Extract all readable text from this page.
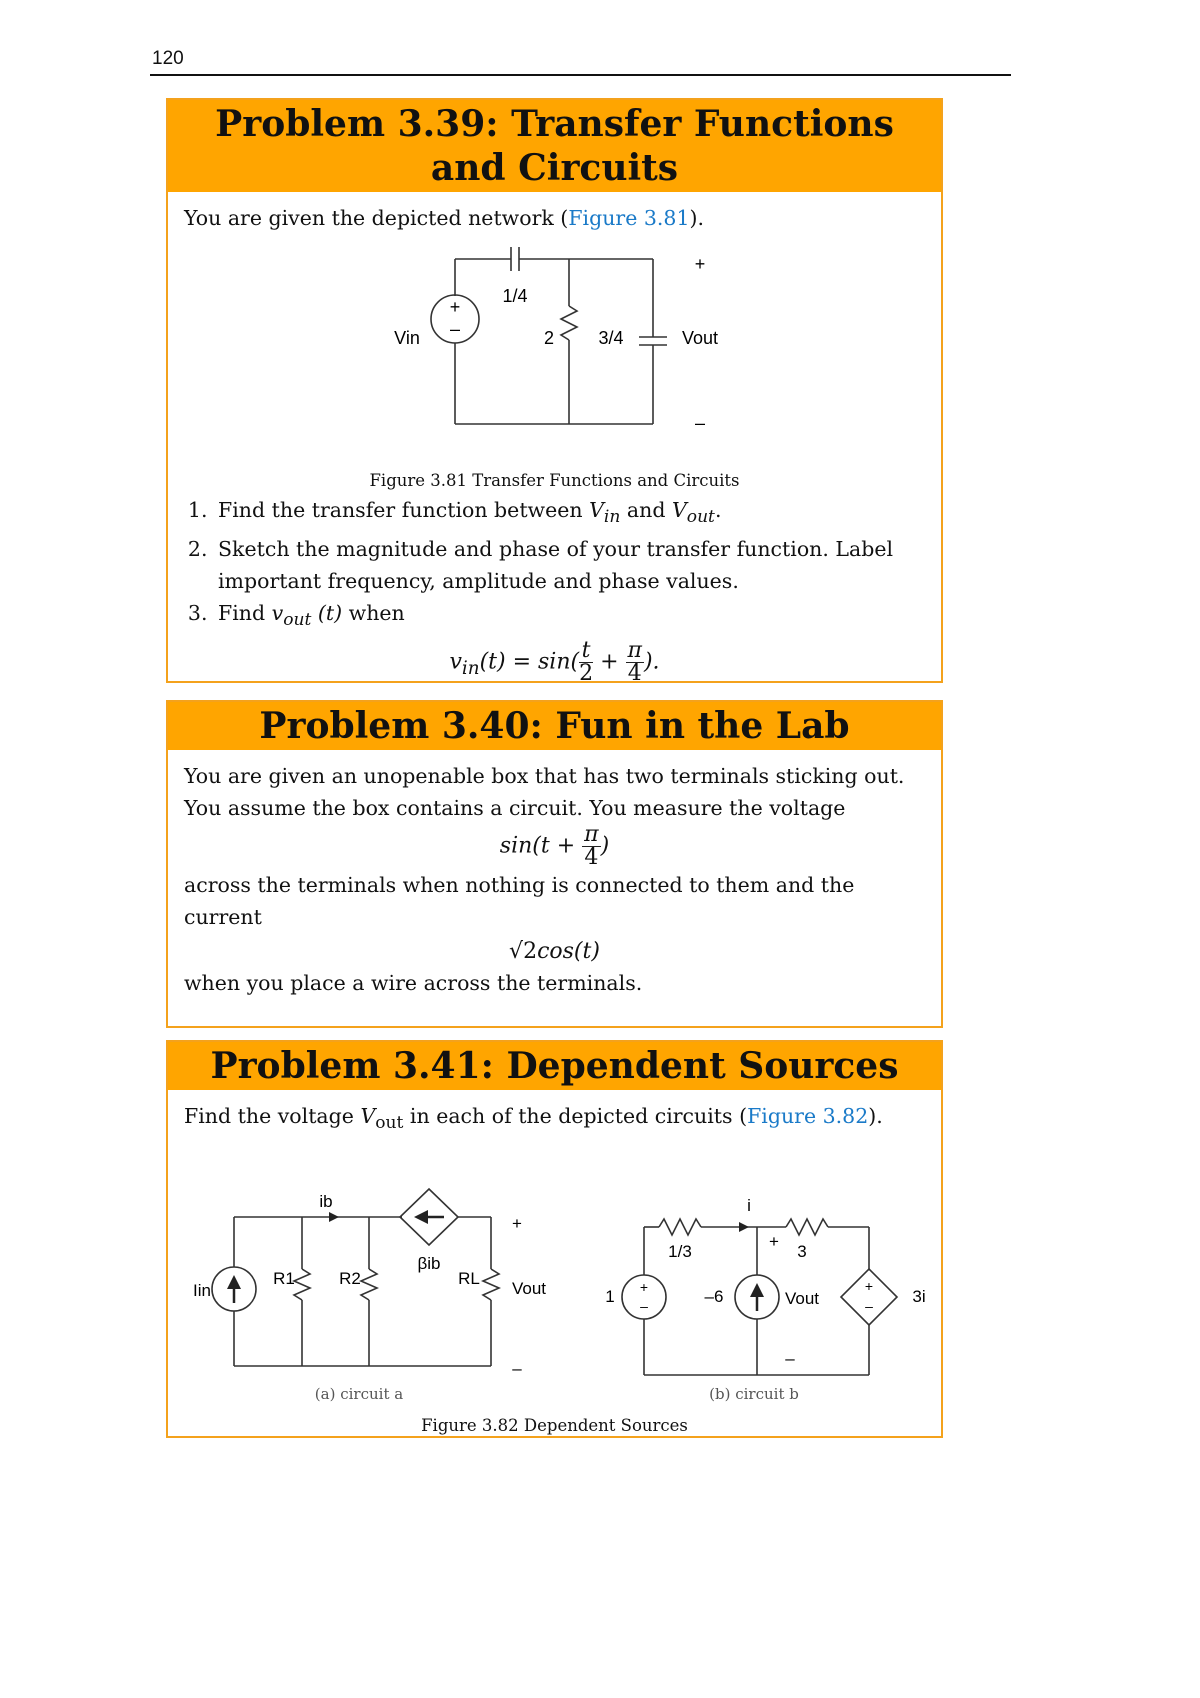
120
Problem 3.39: Transfer Functions and Circuits
You are given the depicted network (Figure 3.81).
1/4
2 3/4
+
–
Vin	Vout
+
–
Figure 3.81 Transfer Functions and Circuits
1. Find the transfer function between $V_{in}$ and $V_{out}$.
2. Sketch the magnitude and phase of your transfer function. Label important frequency, amplitude and phase values.
3. Find $v_{out}$ (t) when
$v_{in}(t) = \sin( \frac{t}{2} + \frac{\pi}{4}$ ).
Problem 3.40: Fun in the Lab
You are given an unopenable box that has two terminals sticking out.
You assume the box contains a circuit. You measure the voltage
$\sin(t + \frac{\pi}{4}$ )
across the terminals when nothing is connected to them and the current
√2cos(t)
when you place a wire across the terminals.
Problem 3.41: Dependent Sources
Find the voltage $V_{out}$ in each of the depicted circuits (Figure 3.82).
Iin
R1	R2	RL
ib
βib
Vout
+
–
(a) circuit a
+
–
+
–
1
1/3
i
3
+
–6	Vout
–
3i
(b) circuit b
Figure 3.82 Dependent Sources
